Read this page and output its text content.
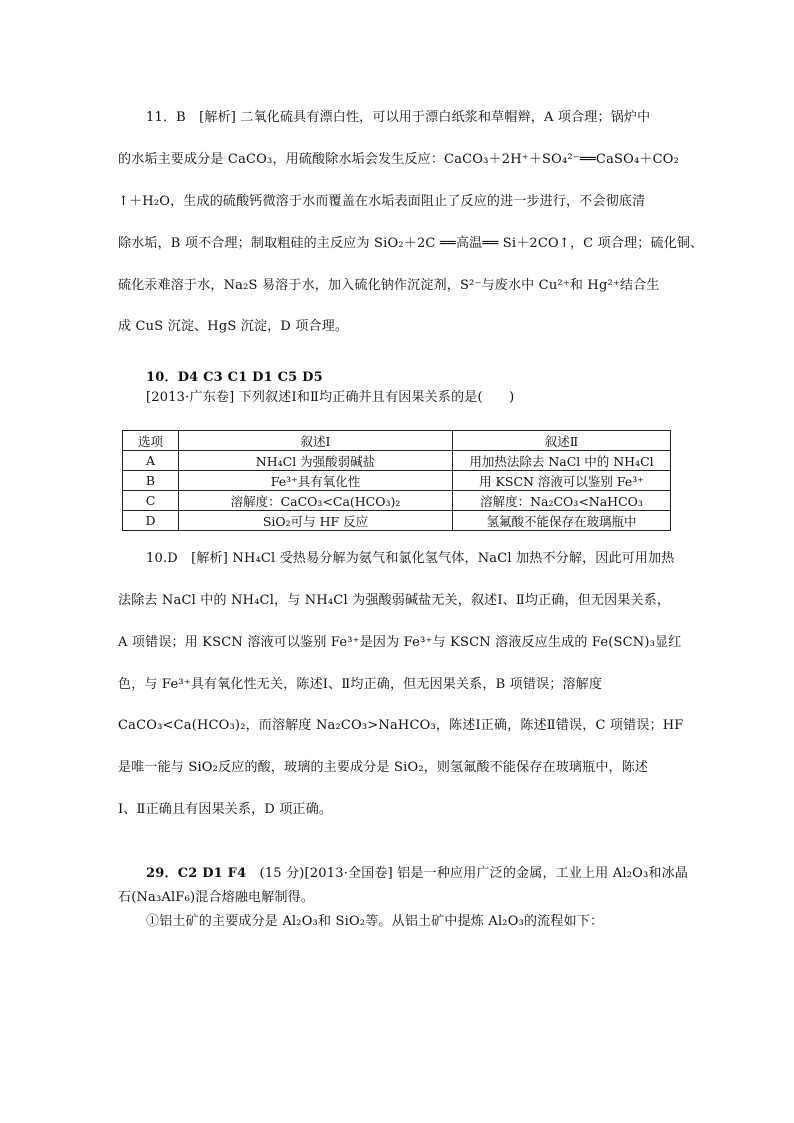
11．B　[解析] 二氧化硫具有漂白性，可以用于漂白纸浆和草帽辫，A 项合理；锅炉中
的水垢主要成分是 CaCO₃，用硫酸除水垢会发生反应：CaCO₃＋2H⁺＋SO₄²⁻══CaSO₄＋CO₂
↑＋H₂O，生成的硫酸钙微溶于水而覆盖在水垢表面阻止了反应的进一步进行，不会彻底清
除水垢，B 项不合理；制取粗硅的主反应为 SiO₂＋2C ══高温══ Si＋2CO↑，C 项合理；硫化铜、
硫化汞难溶于水，Na₂S 易溶于水，加入硫化钠作沉淀剂，S²⁻与废水中 Cu²⁺和 Hg²⁺结合生
成 CuS 沉淀、HgS 沉淀，D 项合理。
10．D4 C3 C1 D1 C5 D5
[2013·广东卷] 下列叙述Ⅰ和Ⅱ均正确并且有因果关系的是(　　)
选项	叙述Ⅰ	叙述Ⅱ
A	NH₄Cl 为强酸弱碱盐	用加热法除去 NaCl 中的 NH₄Cl
B	Fe³⁺具有氧化性	用 KSCN 溶液可以鉴别 Fe³⁺
C	溶解度：CaCO₃<Ca(HCO₃)₂	溶解度：Na₂CO₃<NaHCO₃
D	SiO₂可与 HF 反应	氢氟酸不能保存在玻璃瓶中
10.D　[解析] NH₄Cl 受热易分解为氨气和氯化氢气体，NaCl 加热不分解，因此可用加热
法除去 NaCl 中的 NH₄Cl，与 NH₄Cl 为强酸弱碱盐无关，叙述Ⅰ、Ⅱ均正确，但无因果关系，
A 项错误；用 KSCN 溶液可以鉴别 Fe³⁺是因为 Fe³⁺与 KSCN 溶液反应生成的 Fe(SCN)₃显红
色，与 Fe³⁺具有氧化性无关，陈述Ⅰ、Ⅱ均正确，但无因果关系，B 项错误；溶解度
CaCO₃<Ca(HCO₃)₂，而溶解度 Na₂CO₃>NaHCO₃，陈述Ⅰ正确，陈述Ⅱ错误，C 项错误；HF
是唯一能与 SiO₂反应的酸，玻璃的主要成分是 SiO₂，则氢氟酸不能保存在玻璃瓶中，陈述
Ⅰ、Ⅱ正确且有因果关系，D 项正确。
29．C2 D1 F4　(15 分)[2013·全国卷] 铝是一种应用广泛的金属，工业上用 Al₂O₃和冰晶
石(Na₃AlF₆)混合熔融电解制得。
①铝土矿的主要成分是 Al₂O₃和 SiO₂等。从铝土矿中提炼 Al₂O₃的流程如下：
